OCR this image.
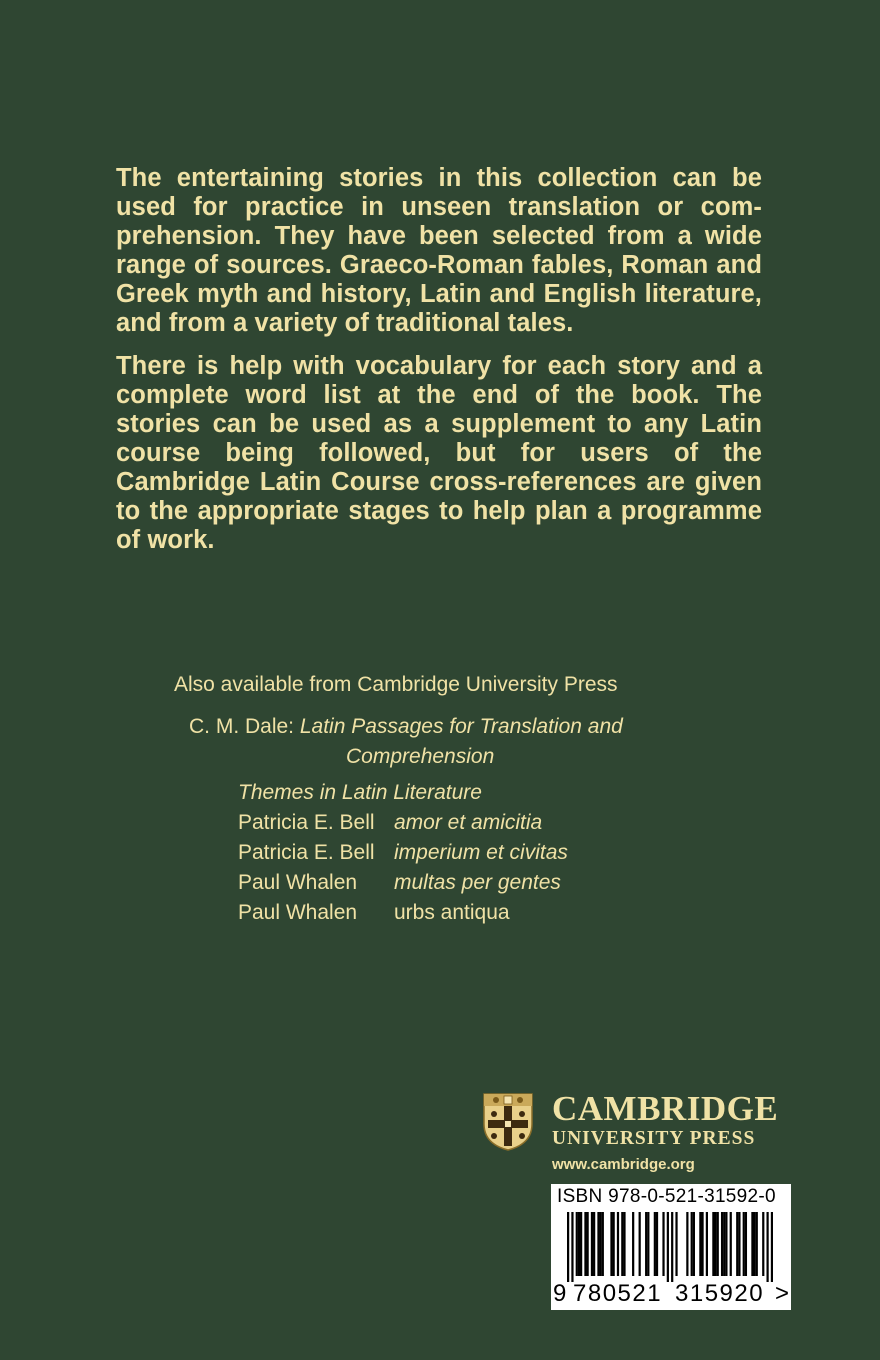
The entertaining stories in this collection can be used for practice in unseen translation or com-prehension. They have been selected from a wide range of sources. Graeco-Roman fables, Roman and Greek myth and history, Latin and English literature, and from a variety of traditional tales.

There is help with vocabulary for each story and a complete word list at the end of the book. The stories can be used as a supplement to any Latin course being followed, but for users of the Cambridge Latin Course cross-references are given to the appropriate stages to help plan a programme of work.

Also available from Cambridge University Press
C. M. Dale: Latin Passages for Translation and
Comprehension
Themes in Latin Literature
Patricia E. Bell amor et amicitia
Patricia E. Bell imperium et civitas
Paul Whalen multas per gentes
Paul Whalen urbs antiqua
CAMBRIDGE
UNIVERSITY PRESS
www.cambridge.org
ISBN 978-0-521-31592-0
9 780521 315920 >
